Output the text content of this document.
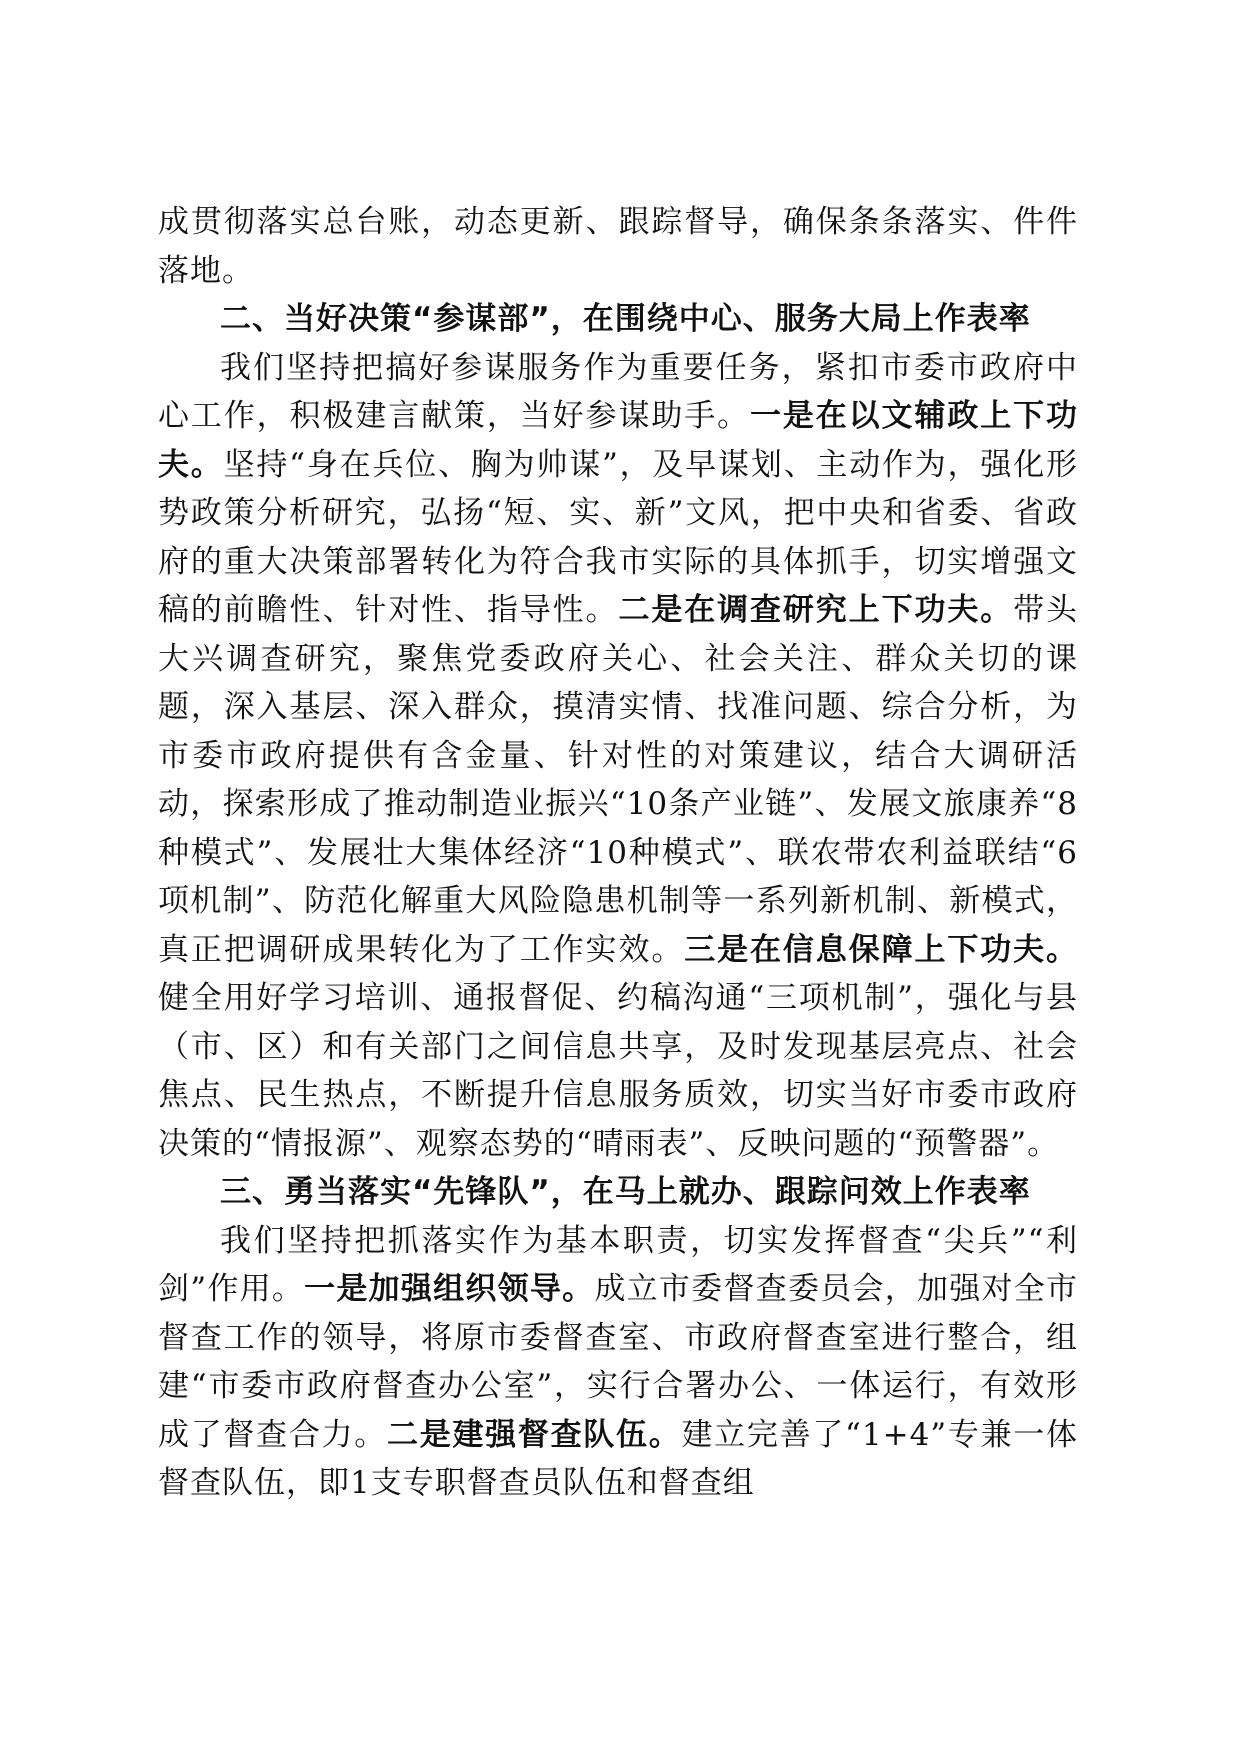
成贯彻落实总台账，动态更新、跟踪督导，确保条条落实、件件落地。

二、当好决策“参谋部”，在围绕中心、服务大局上作表率

我们坚持把搞好参谋服务作为重要任务，紧扣市委市政府中心工作，积极建言献策，当好参谋助手。一是在以文辅政上下功夫。坚持“身在兵位、胸为帅谋”，及早谋划、主动作为，强化形势政策分析研究，弘扬“短、实、新”文风，把中央和省委、省政府的重大决策部署转化为符合我市实际的具体抓手，切实增强文稿的前瞻性、针对性、指导性。二是在调查研究上下功夫。带头大兴调查研究，聚焦党委政府关心、社会关注、群众关切的课题，深入基层、深入群众，摸清实情、找准问题、综合分析，为市委市政府提供有含金量、针对性的对策建议，结合大调研活动，探索形成了推动制造业振兴“10条产业链”、发展文旅康养“8种模式”、发展壮大集体经济“10种模式”、联农带农利益联结“6项机制”、防范化解重大风险隐患机制等一系列新机制、新模式，真正把调研成果转化为了工作实效。三是在信息保障上下功夫。健全用好学习培训、通报督促、约稿沟通“三项机制”，强化与县（市、区）和有关部门之间信息共享，及时发现基层亮点、社会焦点、民生热点，不断提升信息服务质效，切实当好市委市政府决策的“情报源”、观察态势的“晴雨表”、反映问题的“预警器”。

三、勇当落实“先锋队”，在马上就办、跟踪问效上作表率

我们坚持把抓落实作为基本职责，切实发挥督查“尖兵”“利剑”作用。一是加强组织领导。成立市委督查委员会，加强对全市督查工作的领导，将原市委督查室、市政府督查室进行整合，组建“市委市政府督查办公室”，实行合署办公、一体运行，有效形成了督查合力。二是建强督查队伍。建立完善了“1+4”专兼一体督查队伍，即1支专职督查员队伍和督查组
